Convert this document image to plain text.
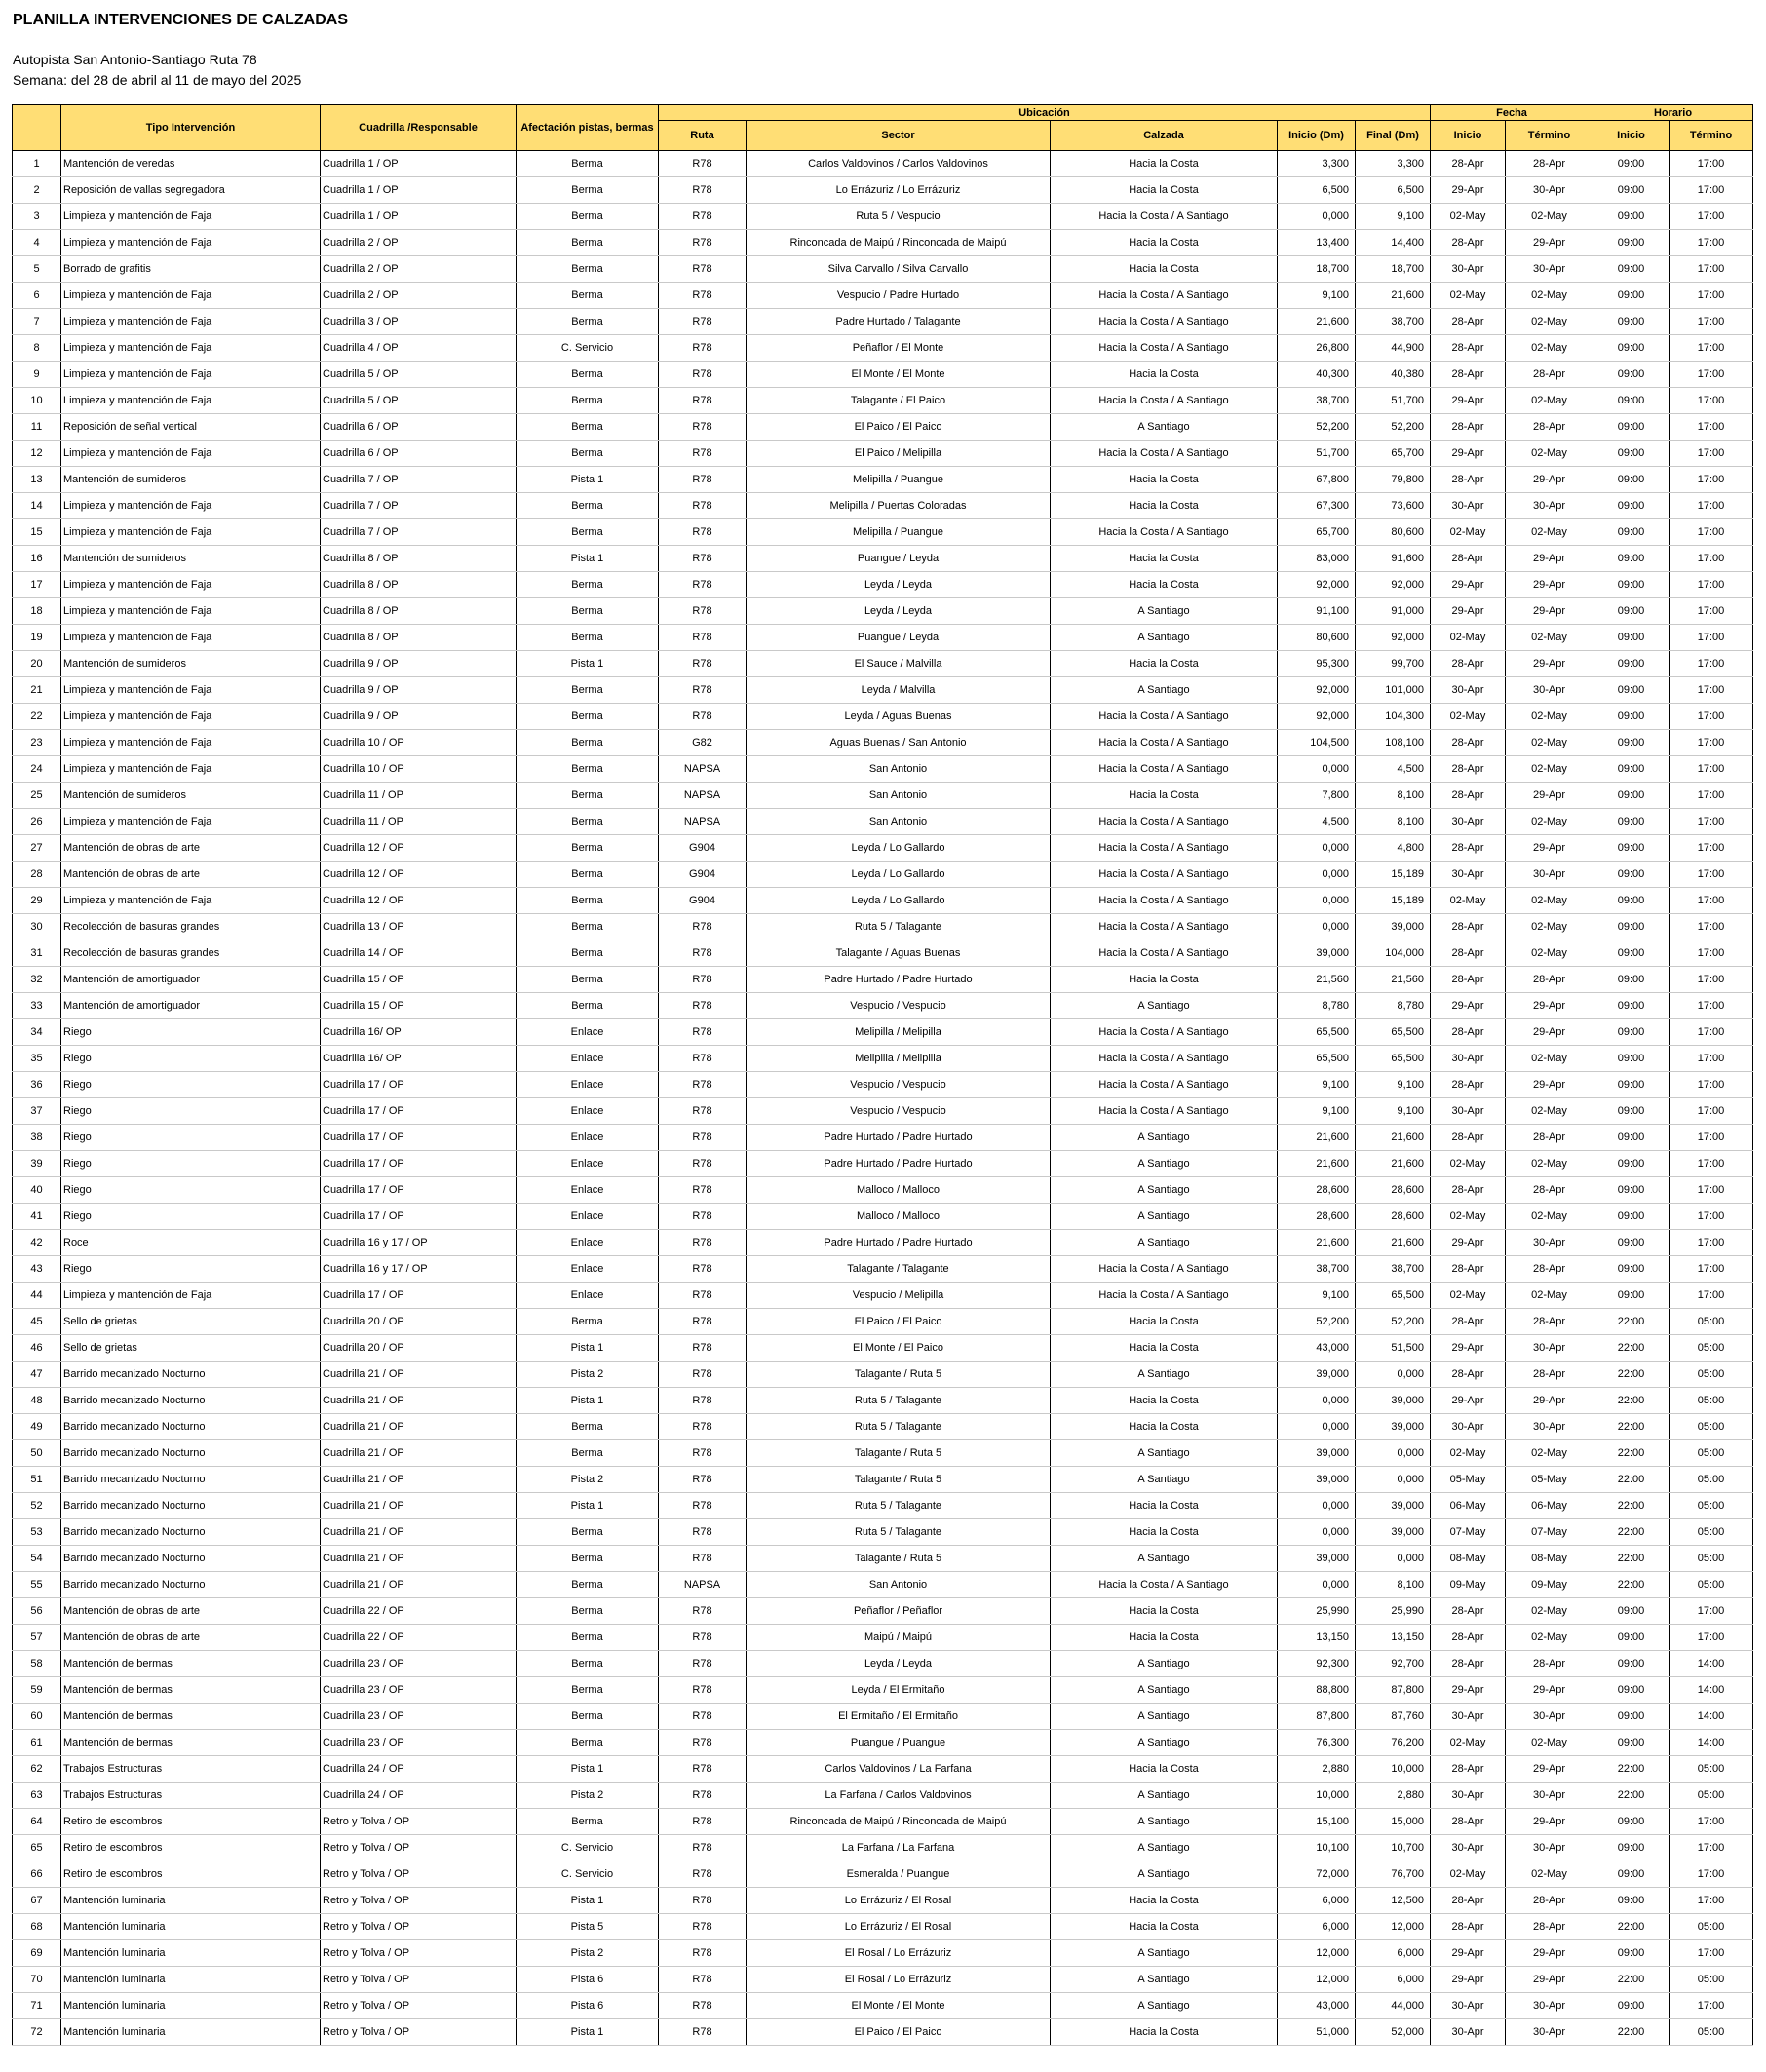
PLANILLA INTERVENCIONES DE CALZADAS
Autopista San Antonio-Santiago Ruta 78
Semana: del 28 de abril al 11 de mayo del 2025
	Tipo Intervención	Cuadrilla /Responsable	Afectación pistas, bermas	Ubicación					Fecha		Horario	
				Ruta	Sector	Calzada	Inicio (Dm)	Final (Dm)	Inicio	Término	Inicio	Término
1	Mantención de veredas	Cuadrilla 1 / OP	Berma	R78	Carlos Valdovinos / Carlos Valdovinos	Hacia la Costa	3,300	3,300	28-Apr	28-Apr	09:00	17:00
2	Reposición de vallas segregadora	Cuadrilla 1 / OP	Berma	R78	Lo Errázuriz / Lo Errázuriz	Hacia la Costa	6,500	6,500	29-Apr	30-Apr	09:00	17:00
3	Limpieza y mantención de Faja	Cuadrilla 1 / OP	Berma	R78	Ruta 5 / Vespucio	Hacia la Costa / A Santiago	0,000	9,100	02-May	02-May	09:00	17:00
4	Limpieza y mantención de Faja	Cuadrilla 2 / OP	Berma	R78	Rinconcada de Maipú / Rinconcada de Maipú	Hacia la Costa	13,400	14,400	28-Apr	29-Apr	09:00	17:00
5	Borrado de grafitis	Cuadrilla 2 / OP	Berma	R78	Silva Carvallo / Silva Carvallo	Hacia la Costa	18,700	18,700	30-Apr	30-Apr	09:00	17:00
6	Limpieza y mantención de Faja	Cuadrilla 2 / OP	Berma	R78	Vespucio / Padre Hurtado	Hacia la Costa / A Santiago	9,100	21,600	02-May	02-May	09:00	17:00
7	Limpieza y mantención de Faja	Cuadrilla 3 / OP	Berma	R78	Padre Hurtado / Talagante	Hacia la Costa / A Santiago	21,600	38,700	28-Apr	02-May	09:00	17:00
8	Limpieza y mantención de Faja	Cuadrilla 4 / OP	C. Servicio	R78	Peñaflor / El Monte	Hacia la Costa / A Santiago	26,800	44,900	28-Apr	02-May	09:00	17:00
9	Limpieza y mantención de Faja	Cuadrilla 5 / OP	Berma	R78	El Monte / El Monte	Hacia la Costa	40,300	40,380	28-Apr	28-Apr	09:00	17:00
10	Limpieza y mantención de Faja	Cuadrilla 5 / OP	Berma	R78	Talagante / El Paico	Hacia la Costa / A Santiago	38,700	51,700	29-Apr	02-May	09:00	17:00
11	Reposición de señal vertical	Cuadrilla 6 / OP	Berma	R78	El Paico / El Paico	A Santiago	52,200	52,200	28-Apr	28-Apr	09:00	17:00
12	Limpieza y mantención de Faja	Cuadrilla 6 / OP	Berma	R78	El Paico / Melipilla	Hacia la Costa / A Santiago	51,700	65,700	29-Apr	02-May	09:00	17:00
13	Mantención de sumideros	Cuadrilla 7 / OP	Pista 1	R78	Melipilla / Puangue	Hacia la Costa	67,800	79,800	28-Apr	29-Apr	09:00	17:00
14	Limpieza y mantención de Faja	Cuadrilla 7 / OP	Berma	R78	Melipilla / Puertas Coloradas	Hacia la Costa	67,300	73,600	30-Apr	30-Apr	09:00	17:00
15	Limpieza y mantención de Faja	Cuadrilla 7 / OP	Berma	R78	Melipilla / Puangue	Hacia la Costa / A Santiago	65,700	80,600	02-May	02-May	09:00	17:00
16	Mantención de sumideros	Cuadrilla 8 / OP	Pista 1	R78	Puangue / Leyda	Hacia la Costa	83,000	91,600	28-Apr	29-Apr	09:00	17:00
17	Limpieza y mantención de Faja	Cuadrilla 8 / OP	Berma	R78	Leyda / Leyda	Hacia la Costa	92,000	92,000	29-Apr	29-Apr	09:00	17:00
18	Limpieza y mantención de Faja	Cuadrilla 8 / OP	Berma	R78	Leyda / Leyda	A Santiago	91,100	91,000	29-Apr	29-Apr	09:00	17:00
19	Limpieza y mantención de Faja	Cuadrilla 8 / OP	Berma	R78	Puangue / Leyda	A Santiago	80,600	92,000	02-May	02-May	09:00	17:00
20	Mantención de sumideros	Cuadrilla 9 / OP	Pista 1	R78	El Sauce / Malvilla	Hacia la Costa	95,300	99,700	28-Apr	29-Apr	09:00	17:00
21	Limpieza y mantención de Faja	Cuadrilla 9 / OP	Berma	R78	Leyda / Malvilla	A Santiago	92,000	101,000	30-Apr	30-Apr	09:00	17:00
22	Limpieza y mantención de Faja	Cuadrilla 9 / OP	Berma	R78	Leyda / Aguas Buenas	Hacia la Costa / A Santiago	92,000	104,300	02-May	02-May	09:00	17:00
23	Limpieza y mantención de Faja	Cuadrilla 10 / OP	Berma	G82	Aguas Buenas / San Antonio	Hacia la Costa / A Santiago	104,500	108,100	28-Apr	02-May	09:00	17:00
24	Limpieza y mantención de Faja	Cuadrilla 10 / OP	Berma	NAPSA	San Antonio	Hacia la Costa / A Santiago	0,000	4,500	28-Apr	02-May	09:00	17:00
25	Mantención de sumideros	Cuadrilla 11 / OP	Berma	NAPSA	San Antonio	Hacia la Costa	7,800	8,100	28-Apr	29-Apr	09:00	17:00
26	Limpieza y mantención de Faja	Cuadrilla 11 / OP	Berma	NAPSA	San Antonio	Hacia la Costa / A Santiago	4,500	8,100	30-Apr	02-May	09:00	17:00
27	Mantención de obras de arte	Cuadrilla 12 / OP	Berma	G904	Leyda / Lo Gallardo	Hacia la Costa / A Santiago	0,000	4,800	28-Apr	29-Apr	09:00	17:00
28	Mantención de obras de arte	Cuadrilla 12 / OP	Berma	G904	Leyda / Lo Gallardo	Hacia la Costa / A Santiago	0,000	15,189	30-Apr	30-Apr	09:00	17:00
29	Limpieza y mantención de Faja	Cuadrilla 12 / OP	Berma	G904	Leyda / Lo Gallardo	Hacia la Costa / A Santiago	0,000	15,189	02-May	02-May	09:00	17:00
30	Recolección de basuras grandes	Cuadrilla 13 / OP	Berma	R78	Ruta 5 / Talagante	Hacia la Costa / A Santiago	0,000	39,000	28-Apr	02-May	09:00	17:00
31	Recolección de basuras grandes	Cuadrilla 14 / OP	Berma	R78	Talagante / Aguas Buenas	Hacia la Costa / A Santiago	39,000	104,000	28-Apr	02-May	09:00	17:00
32	Mantención de amortiguador	Cuadrilla 15 / OP	Berma	R78	Padre Hurtado / Padre Hurtado	Hacia la Costa	21,560	21,560	28-Apr	28-Apr	09:00	17:00
33	Mantención de amortiguador	Cuadrilla 15 / OP	Berma	R78	Vespucio / Vespucio	A Santiago	8,780	8,780	29-Apr	29-Apr	09:00	17:00
34	Riego	Cuadrilla 16/ OP	Enlace	R78	Melipilla / Melipilla	Hacia la Costa / A Santiago	65,500	65,500	28-Apr	29-Apr	09:00	17:00
35	Riego	Cuadrilla 16/ OP	Enlace	R78	Melipilla / Melipilla	Hacia la Costa / A Santiago	65,500	65,500	30-Apr	02-May	09:00	17:00
36	Riego	Cuadrilla 17 / OP	Enlace	R78	Vespucio / Vespucio	Hacia la Costa / A Santiago	9,100	9,100	28-Apr	29-Apr	09:00	17:00
37	Riego	Cuadrilla 17 / OP	Enlace	R78	Vespucio / Vespucio	Hacia la Costa / A Santiago	9,100	9,100	30-Apr	02-May	09:00	17:00
38	Riego	Cuadrilla 17 / OP	Enlace	R78	Padre Hurtado / Padre Hurtado	A Santiago	21,600	21,600	28-Apr	28-Apr	09:00	17:00
39	Riego	Cuadrilla 17 / OP	Enlace	R78	Padre Hurtado / Padre Hurtado	A Santiago	21,600	21,600	02-May	02-May	09:00	17:00
40	Riego	Cuadrilla 17 / OP	Enlace	R78	Malloco / Malloco	A Santiago	28,600	28,600	28-Apr	28-Apr	09:00	17:00
41	Riego	Cuadrilla 17 / OP	Enlace	R78	Malloco / Malloco	A Santiago	28,600	28,600	02-May	02-May	09:00	17:00
42	Roce	Cuadrilla 16 y 17 / OP	Enlace	R78	Padre Hurtado / Padre Hurtado	A Santiago	21,600	21,600	29-Apr	30-Apr	09:00	17:00
43	Riego	Cuadrilla 16 y 17 / OP	Enlace	R78	Talagante / Talagante	Hacia la Costa / A Santiago	38,700	38,700	28-Apr	28-Apr	09:00	17:00
44	Limpieza y mantención de Faja	Cuadrilla 17 / OP	Enlace	R78	Vespucio / Melipilla	Hacia la Costa / A Santiago	9,100	65,500	02-May	02-May	09:00	17:00
45	Sello de grietas	Cuadrilla 20 / OP	Berma	R78	El Paico / El Paico	Hacia la Costa	52,200	52,200	28-Apr	28-Apr	22:00	05:00
46	Sello de grietas	Cuadrilla 20 / OP	Pista 1	R78	El Monte / El Paico	Hacia la Costa	43,000	51,500	29-Apr	30-Apr	22:00	05:00
47	Barrido mecanizado Nocturno	Cuadrilla 21 / OP	Pista 2	R78	Talagante / Ruta 5	A Santiago	39,000	0,000	28-Apr	28-Apr	22:00	05:00
48	Barrido mecanizado Nocturno	Cuadrilla 21 / OP	Pista 1	R78	Ruta 5 / Talagante	Hacia la Costa	0,000	39,000	29-Apr	29-Apr	22:00	05:00
49	Barrido mecanizado Nocturno	Cuadrilla 21 / OP	Berma	R78	Ruta 5 / Talagante	Hacia la Costa	0,000	39,000	30-Apr	30-Apr	22:00	05:00
50	Barrido mecanizado Nocturno	Cuadrilla 21 / OP	Berma	R78	Talagante / Ruta 5	A Santiago	39,000	0,000	02-May	02-May	22:00	05:00
51	Barrido mecanizado Nocturno	Cuadrilla 21 / OP	Pista 2	R78	Talagante / Ruta 5	A Santiago	39,000	0,000	05-May	05-May	22:00	05:00
52	Barrido mecanizado Nocturno	Cuadrilla 21 / OP	Pista 1	R78	Ruta 5 / Talagante	Hacia la Costa	0,000	39,000	06-May	06-May	22:00	05:00
53	Barrido mecanizado Nocturno	Cuadrilla 21 / OP	Berma	R78	Ruta 5 / Talagante	Hacia la Costa	0,000	39,000	07-May	07-May	22:00	05:00
54	Barrido mecanizado Nocturno	Cuadrilla 21 / OP	Berma	R78	Talagante / Ruta 5	A Santiago	39,000	0,000	08-May	08-May	22:00	05:00
55	Barrido mecanizado Nocturno	Cuadrilla 21 / OP	Berma	NAPSA	San Antonio	Hacia la Costa / A Santiago	0,000	8,100	09-May	09-May	22:00	05:00
56	Mantención de obras de arte	Cuadrilla 22 / OP	Berma	R78	Peñaflor / Peñaflor	Hacia la Costa	25,990	25,990	28-Apr	02-May	09:00	17:00
57	Mantención de obras de arte	Cuadrilla 22 / OP	Berma	R78	Maipú / Maipú	Hacia la Costa	13,150	13,150	28-Apr	02-May	09:00	17:00
58	Mantención de bermas	Cuadrilla 23 / OP	Berma	R78	Leyda / Leyda	A Santiago	92,300	92,700	28-Apr	28-Apr	09:00	14:00
59	Mantención de bermas	Cuadrilla 23 / OP	Berma	R78	Leyda / El Ermitaño	A Santiago	88,800	87,800	29-Apr	29-Apr	09:00	14:00
60	Mantención de bermas	Cuadrilla 23 / OP	Berma	R78	El Ermitaño / El Ermitaño	A Santiago	87,800	87,760	30-Apr	30-Apr	09:00	14:00
61	Mantención de bermas	Cuadrilla 23 / OP	Berma	R78	Puangue / Puangue	A Santiago	76,300	76,200	02-May	02-May	09:00	14:00
62	Trabajos Estructuras	Cuadrilla 24 / OP	Pista 1	R78	Carlos Valdovinos / La Farfana	Hacia la Costa	2,880	10,000	28-Apr	29-Apr	22:00	05:00
63	Trabajos Estructuras	Cuadrilla 24 / OP	Pista 2	R78	La Farfana / Carlos Valdovinos	A Santiago	10,000	2,880	30-Apr	30-Apr	22:00	05:00
64	Retiro de escombros	Retro y Tolva / OP	Berma	R78	Rinconcada de Maipú / Rinconcada de Maipú	A Santiago	15,100	15,000	28-Apr	29-Apr	09:00	17:00
65	Retiro de escombros	Retro y Tolva / OP	C. Servicio	R78	La Farfana / La Farfana	A Santiago	10,100	10,700	30-Apr	30-Apr	09:00	17:00
66	Retiro de escombros	Retro y Tolva / OP	C. Servicio	R78	Esmeralda / Puangue	A Santiago	72,000	76,700	02-May	02-May	09:00	17:00
67	Mantención luminaria	Retro y Tolva / OP	Pista 1	R78	Lo Errázuriz / El Rosal	Hacia la Costa	6,000	12,500	28-Apr	28-Apr	09:00	17:00
68	Mantención luminaria	Retro y Tolva / OP	Pista 5	R78	Lo Errázuriz / El Rosal	Hacia la Costa	6,000	12,000	28-Apr	28-Apr	22:00	05:00
69	Mantención luminaria	Retro y Tolva / OP	Pista 2	R78	El Rosal / Lo Errázuriz	A Santiago	12,000	6,000	29-Apr	29-Apr	09:00	17:00
70	Mantención luminaria	Retro y Tolva / OP	Pista 6	R78	El Rosal / Lo Errázuriz	A Santiago	12,000	6,000	29-Apr	29-Apr	22:00	05:00
71	Mantención luminaria	Retro y Tolva / OP	Pista 6	R78	El Monte / El Monte	A Santiago	43,000	44,000	30-Apr	30-Apr	09:00	17:00
72	Mantención luminaria	Retro y Tolva / OP	Pista 1	R78	El Paico / El Paico	Hacia la Costa	51,000	52,000	30-Apr	30-Apr	22:00	05:00
